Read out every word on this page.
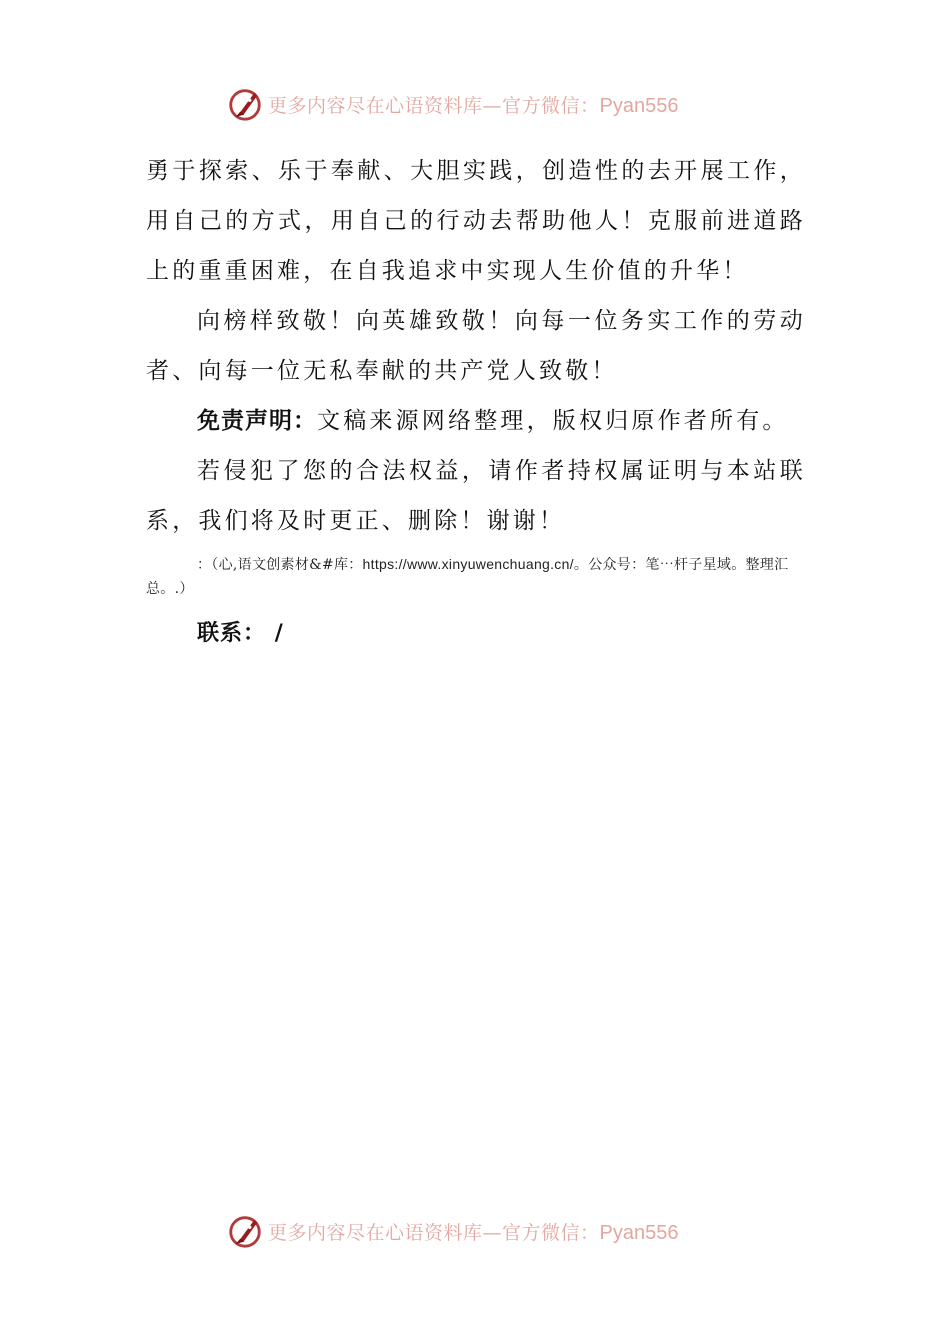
更多内容尽在心语资料库—官方微信：Pyan556

勇于探索、乐于奉献、大胆实践，创造性的去开展工作，用自己的方式，用自己的行动去帮助他人！克服前进道路上的重重困难，在自我追求中实现人生价值的升华！

向榜样致敬！向英雄致敬！向每一位务实工作的劳动者、向每一位无私奉献的共产党人致敬！

免责声明：文稿来源网络整理，版权归原作者所有。

若侵犯了您的合法权益，请作者持权属证明与本站联系，我们将及时更正、删除！谢谢！

：（心,语文创素材&#库：https://www.xinyuwenchuang.cn/。公众号：笔⋯杆子星域。整理汇总。.）

联系： /
更多内容尽在心语资料库—官方微信：Pyan556
